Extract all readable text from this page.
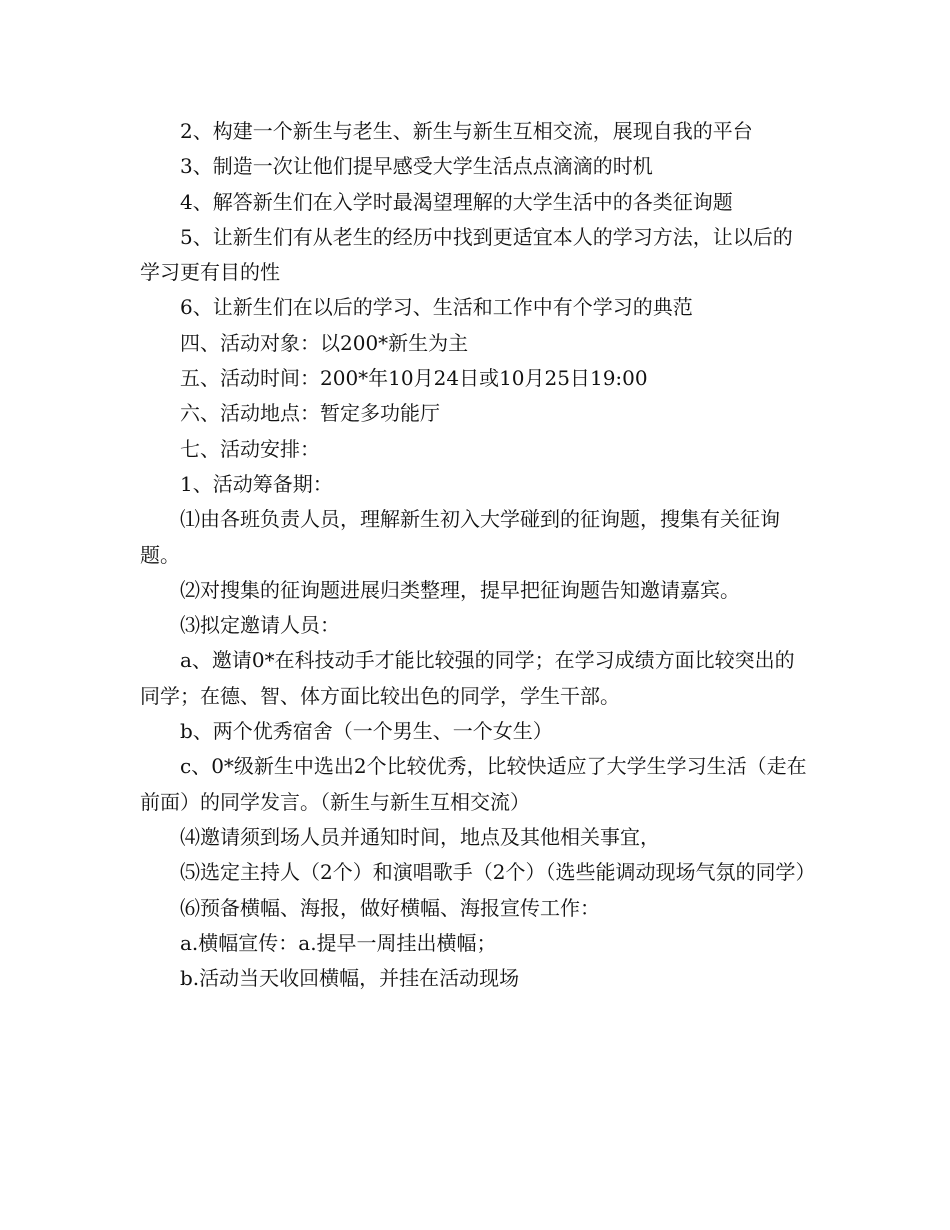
2、构建一个新生与老生、新生与新生互相交流，展现自我的平台

3、制造一次让他们提早感受大学生活点点滴滴的时机

4、解答新生们在入学时最渴望理解的大学生活中的各类征询题

5、让新生们有从老生的经历中找到更适宜本人的学习方法，让以后的学习更有目的性

6、让新生们在以后的学习、生活和工作中有个学习的典范

四、活动对象：以200*新生为主

五、活动时间：200*年10月24日或10月25日19:00

六、活动地点：暂定多功能厅

七、活动安排：

1、活动筹备期：

⑴由各班负责人员，理解新生初入大学碰到的征询题，搜集有关征询题。

⑵对搜集的征询题进展归类整理，提早把征询题告知邀请嘉宾。

⑶拟定邀请人员：

a、邀请0*在科技动手才能比较强的同学；在学习成绩方面比较突出的同学；在德、智、体方面比较出色的同学，学生干部。

b、两个优秀宿舍（一个男生、一个女生）

c、0*级新生中选出2个比较优秀，比较快适应了大学生学习生活（走在前面）的同学发言。（新生与新生互相交流）

⑷邀请须到场人员并通知时间，地点及其他相关事宜，

⑸选定主持人（2个）和演唱歌手（2个）（选些能调动现场气氛的同学）

⑹预备横幅、海报，做好横幅、海报宣传工作：

a.横幅宣传：a.提早一周挂出横幅；

b.活动当天收回横幅，并挂在活动现场
